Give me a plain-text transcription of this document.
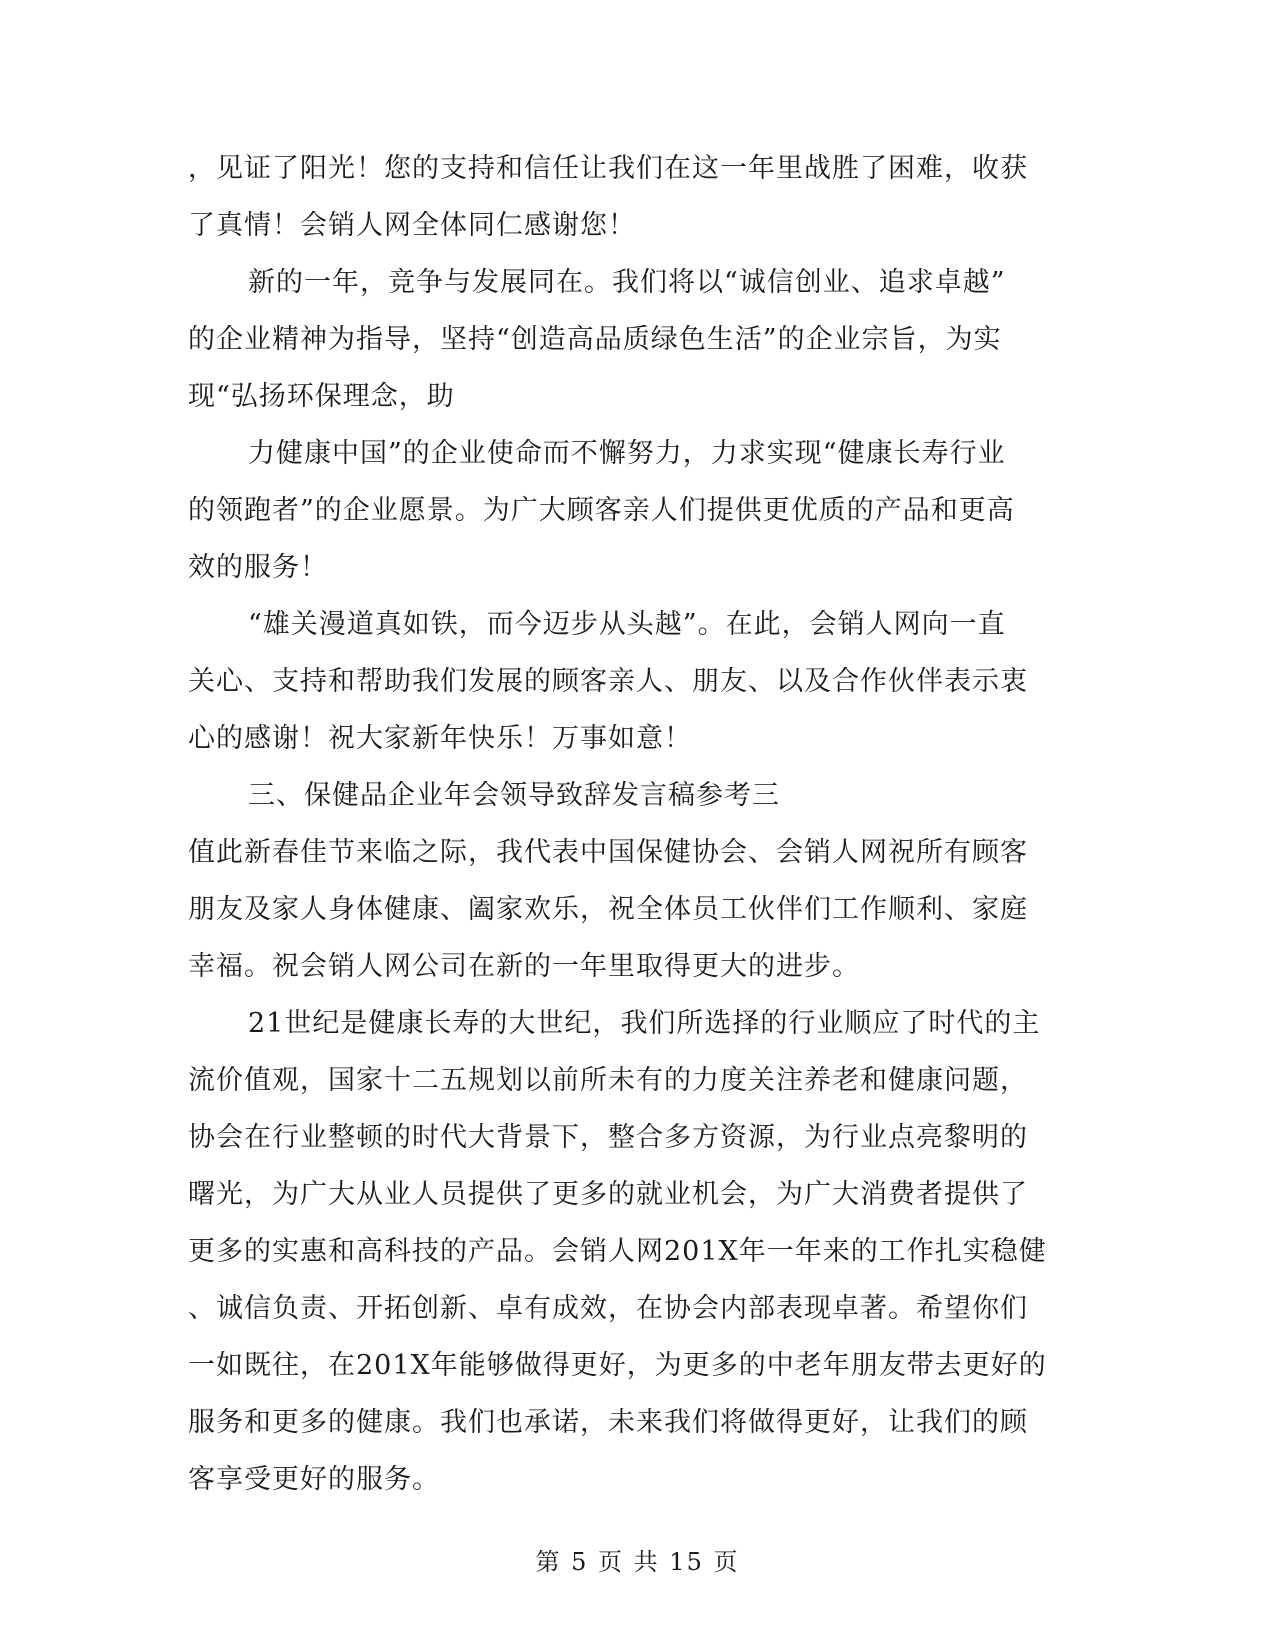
，见证了阳光！您的支持和信任让我们在这一年里战胜了困难，收获
了真情！会销人网全体同仁感谢您！
新的一年，竞争与发展同在。我们将以“诚信创业、追求卓越”
的企业精神为指导，坚持“创造高品质绿色生活”的企业宗旨，为实
现“弘扬环保理念，助
力健康中国”的企业使命而不懈努力，力求实现“健康长寿行业
的领跑者”的企业愿景。为广大顾客亲人们提供更优质的产品和更高
效的服务！
“雄关漫道真如铁，而今迈步从头越”。在此，会销人网向一直
关心、支持和帮助我们发展的顾客亲人、朋友、以及合作伙伴表示衷
心的感谢！祝大家新年快乐！万事如意！
三、保健品企业年会领导致辞发言稿参考三
值此新春佳节来临之际，我代表中国保健协会、会销人网祝所有顾客
朋友及家人身体健康、阖家欢乐，祝全体员工伙伴们工作顺利、家庭
幸福。祝会销人网公司在新的一年里取得更大的进步。
21世纪是健康长寿的大世纪，我们所选择的行业顺应了时代的主
流价值观，国家十二五规划以前所未有的力度关注养老和健康问题，
协会在行业整顿的时代大背景下，整合多方资源，为行业点亮黎明的
曙光，为广大从业人员提供了更多的就业机会，为广大消费者提供了
更多的实惠和高科技的产品。会销人网201X年一年来的工作扎实稳健
、诚信负责、开拓创新、卓有成效，在协会内部表现卓著。希望你们
一如既往，在201X年能够做得更好，为更多的中老年朋友带去更好的
服务和更多的健康。我们也承诺，未来我们将做得更好，让我们的顾
客享受更好的服务。
第 5 页 共 15 页
